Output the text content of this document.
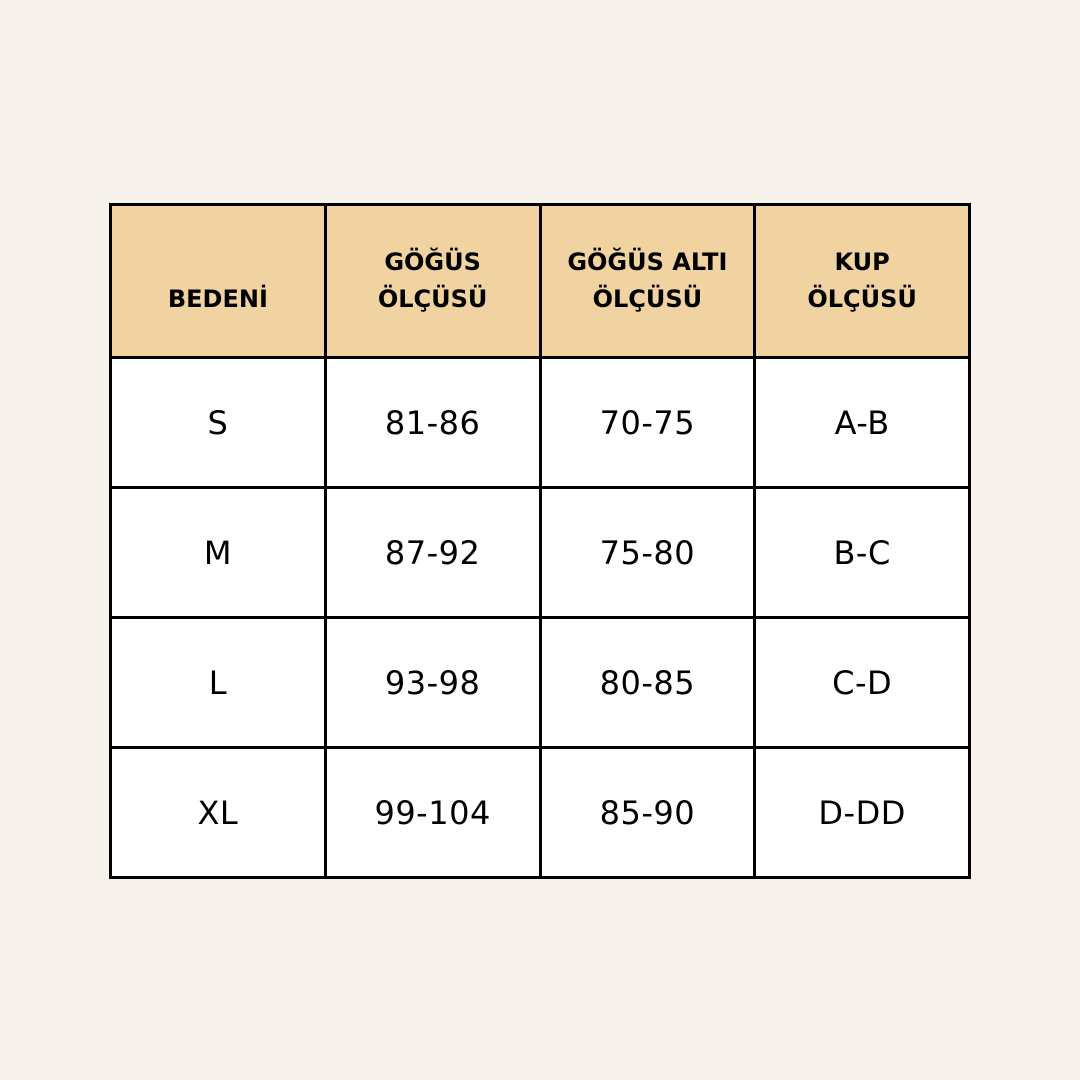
BEDENİ	GÖĞÜS ÖLÇÜSÜ	GÖĞÜS ALTI ÖLÇÜSÜ	KUP ÖLÇÜSÜ
S	81-86	70-75	A-B
M	87-92	75-80	B-C
L	93-98	80-85	C-D
XL	99-104	85-90	D-DD
